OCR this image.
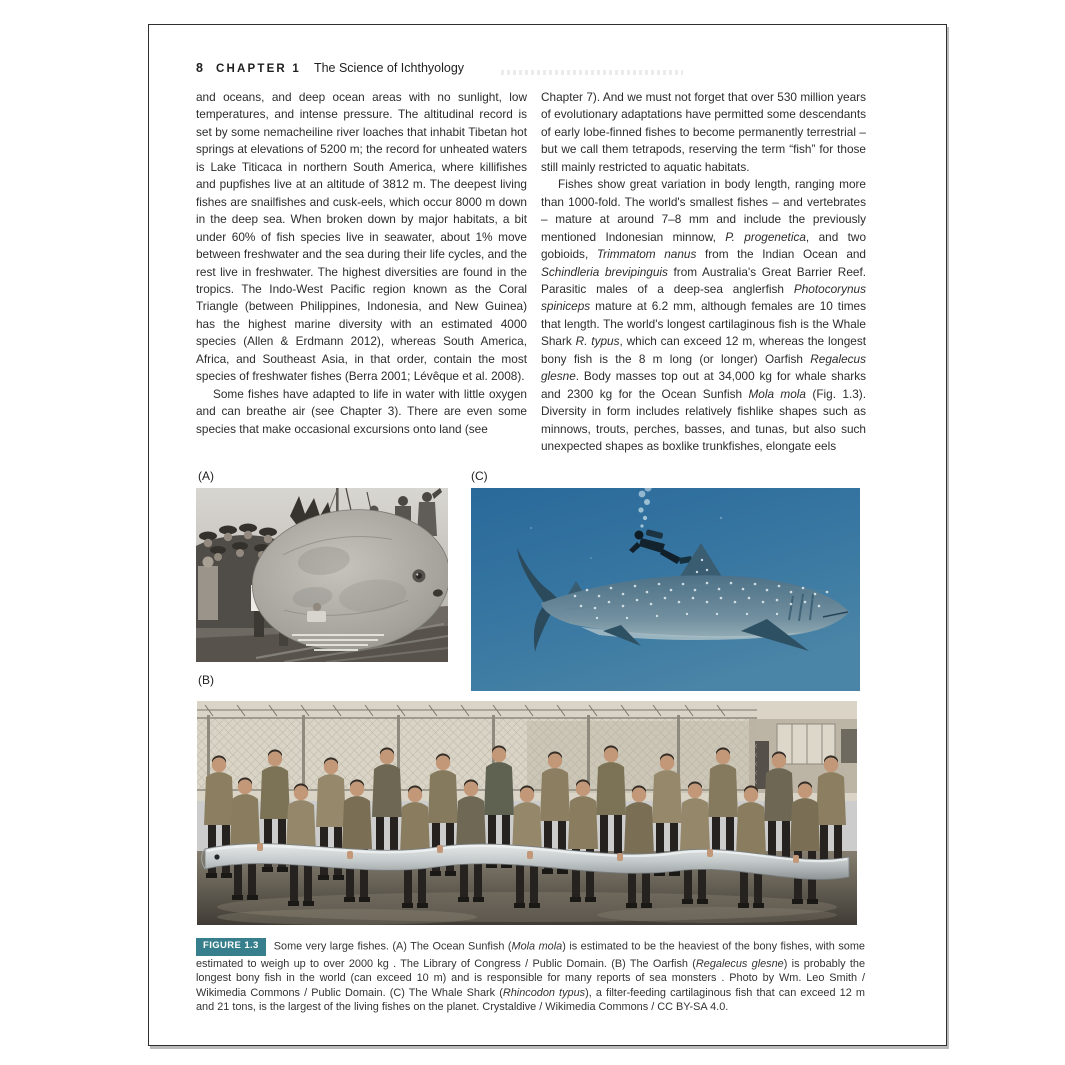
8 CHAPTER 1 The Science of Ichthyology

and oceans, and deep ocean areas with no sunlight, low temperatures, and intense pressure. The altitudinal record is set by some nemacheiline river loaches that inhabit Tibetan hot springs at elevations of 5200 m; the record for unheated waters is Lake Titicaca in northern South America, where killifishes and pupfishes live at an altitude of 3812 m. The deepest living fishes are snailfishes and cusk-eels, which occur 8000 m down in the deep sea. When broken down by major habitats, a bit under 60% of fish species live in seawater, about 1% move between freshwater and the sea during their life cycles, and the rest live in freshwater. The highest diversities are found in the tropics. The Indo-West Pacific region known as the Coral Triangle (between Philippines, Indonesia, and New Guinea) has the highest marine diversity with an estimated 4000 species (Allen & Erdmann 2012), whereas South America, Africa, and Southeast Asia, in that order, contain the most species of freshwater fishes (Berra 2001; Lévêque et al. 2008).

Some fishes have adapted to life in water with little oxygen and can breathe air (see Chapter 3). There are even some species that make occasional excursions onto land (see

Chapter 7). And we must not forget that over 530 million years of evolutionary adaptations have permitted some descendants of early lobe-finned fishes to become permanently terrestrial – but we call them tetrapods, reserving the term “fish” for those still mainly restricted to aquatic habitats.

Fishes show great variation in body length, ranging more than 1000-fold. The world's smallest fishes – and vertebrates – mature at around 7–8 mm and include the previously mentioned Indonesian minnow, P. progenetica, and two gobioids, Trimmatom nanus from the Indian Ocean and Schindleria brevipinguis from Australia's Great Barrier Reef. Parasitic males of a deep-sea anglerfish Photocorynus spiniceps mature at 6.2 mm, although females are 10 times that length. The world's longest cartilaginous fish is the Whale Shark R. typus, which can exceed 12 m, whereas the longest bony fish is the 8 m long (or longer) Oarfish Regalecus glesne. Body masses top out at 34,000 kg for whale sharks and 2300 kg for the Ocean Sunfish Mola mola (Fig. 1.3). Diversity in form includes relatively fishlike shapes such as minnows, trouts, perches, basses, and tunas, but also such unexpected shapes as boxlike trunkfishes, elongate eels

(A)	(C)
(B)

FIGURE 1.3 Some very large fishes. (A) The Ocean Sunfish (Mola mola) is estimated to be the heaviest of the bony fishes, with some estimated to weigh up to over 2000 kg . The Library of Congress / Public Domain. (B) The Oarfish (Regalecus glesne) is probably the longest bony fish in the world (can exceed 10 m) and is responsible for many reports of sea monsters . Photo by Wm. Leo Smith / Wikimedia Commons / Public Domain. (C) The Whale Shark (Rhincodon typus), a filter-feeding cartilaginous fish that can exceed 12 m and 21 tons, is the largest of the living fishes on the planet. Crystaldive / Wikimedia Commons / CC BY-SA 4.0.
